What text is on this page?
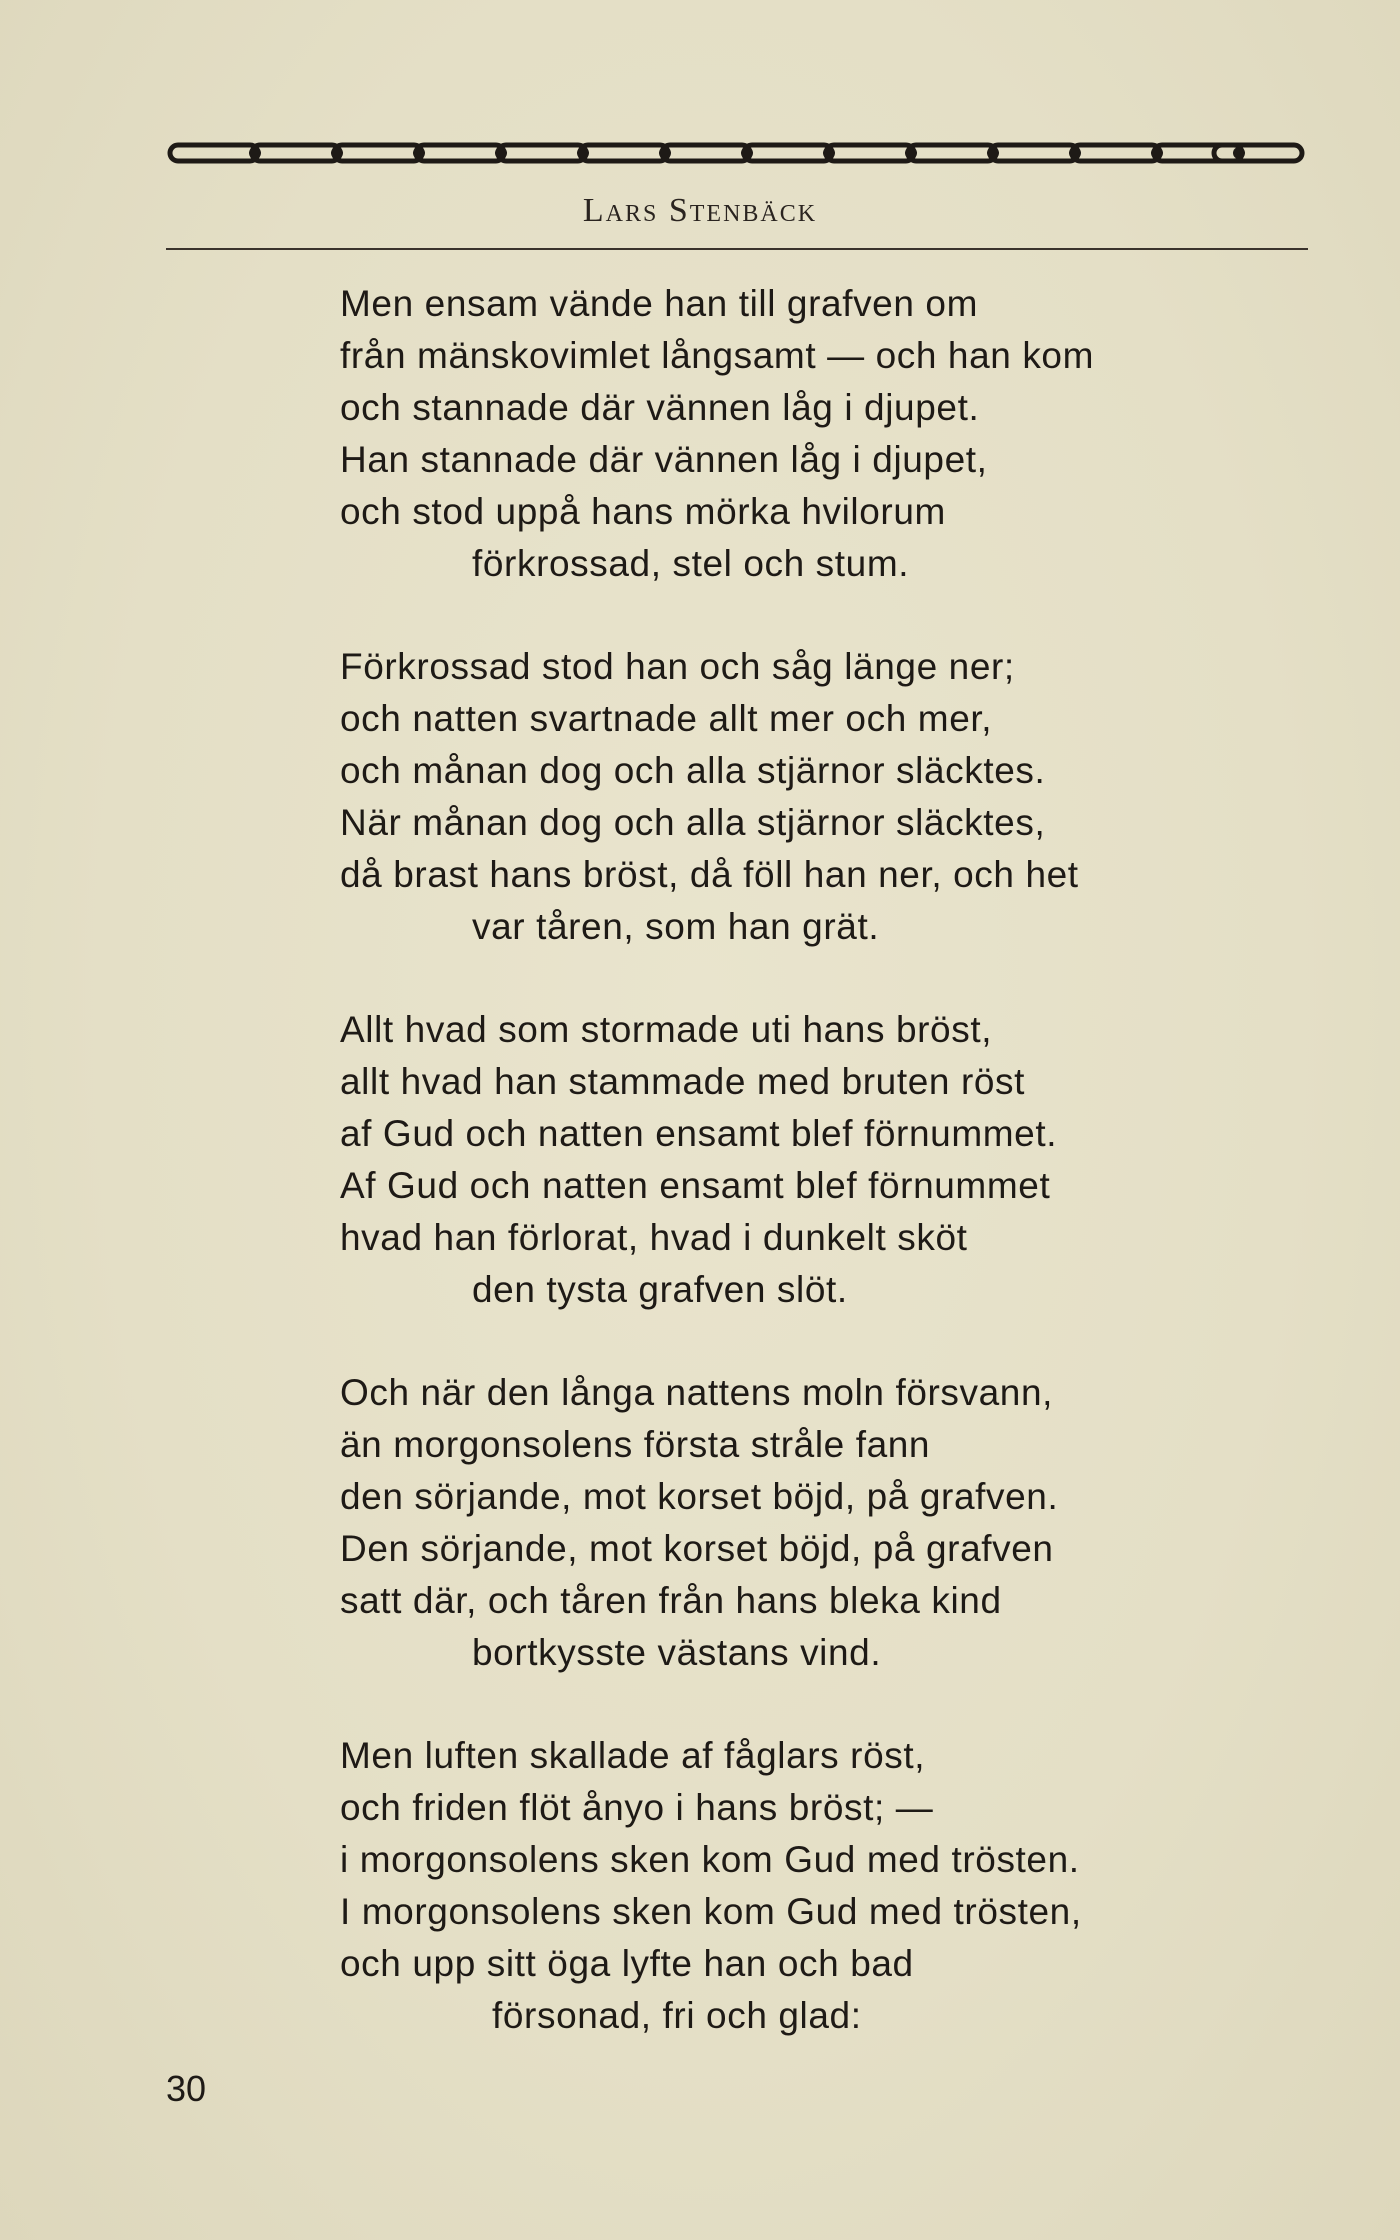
Lars Stenbäck
Men ensam vände han till grafven om
från mänskovimlet långsamt — och han kom
och stannade där vännen låg i djupet.
Han stannade där vännen låg i djupet,
och stod uppå hans mörka hvilorum
förkrossad, stel och stum.
Förkrossad stod han och såg länge ner;
och natten svartnade allt mer och mer,
och månan dog och alla stjärnor släcktes.
När månan dog och alla stjärnor släcktes,
då brast hans bröst, då föll han ner, och het
var tåren, som han grät.
Allt hvad som stormade uti hans bröst,
allt hvad han stammade med bruten röst
af Gud och natten ensamt blef förnummet.
Af Gud och natten ensamt blef förnummet
hvad han förlorat, hvad i dunkelt sköt
den tysta grafven slöt.
Och när den långa nattens moln försvann,
än morgonsolens första stråle fann
den sörjande, mot korset böjd, på grafven.
Den sörjande, mot korset böjd, på grafven
satt där, och tåren från hans bleka kind
bortkysste västans vind.
Men luften skallade af fåglars röst,
och friden flöt ånyo i hans bröst; —
i morgonsolens sken kom Gud med trösten.
I morgonsolens sken kom Gud med trösten,
och upp sitt öga lyfte han och bad
försonad, fri och glad:
30
